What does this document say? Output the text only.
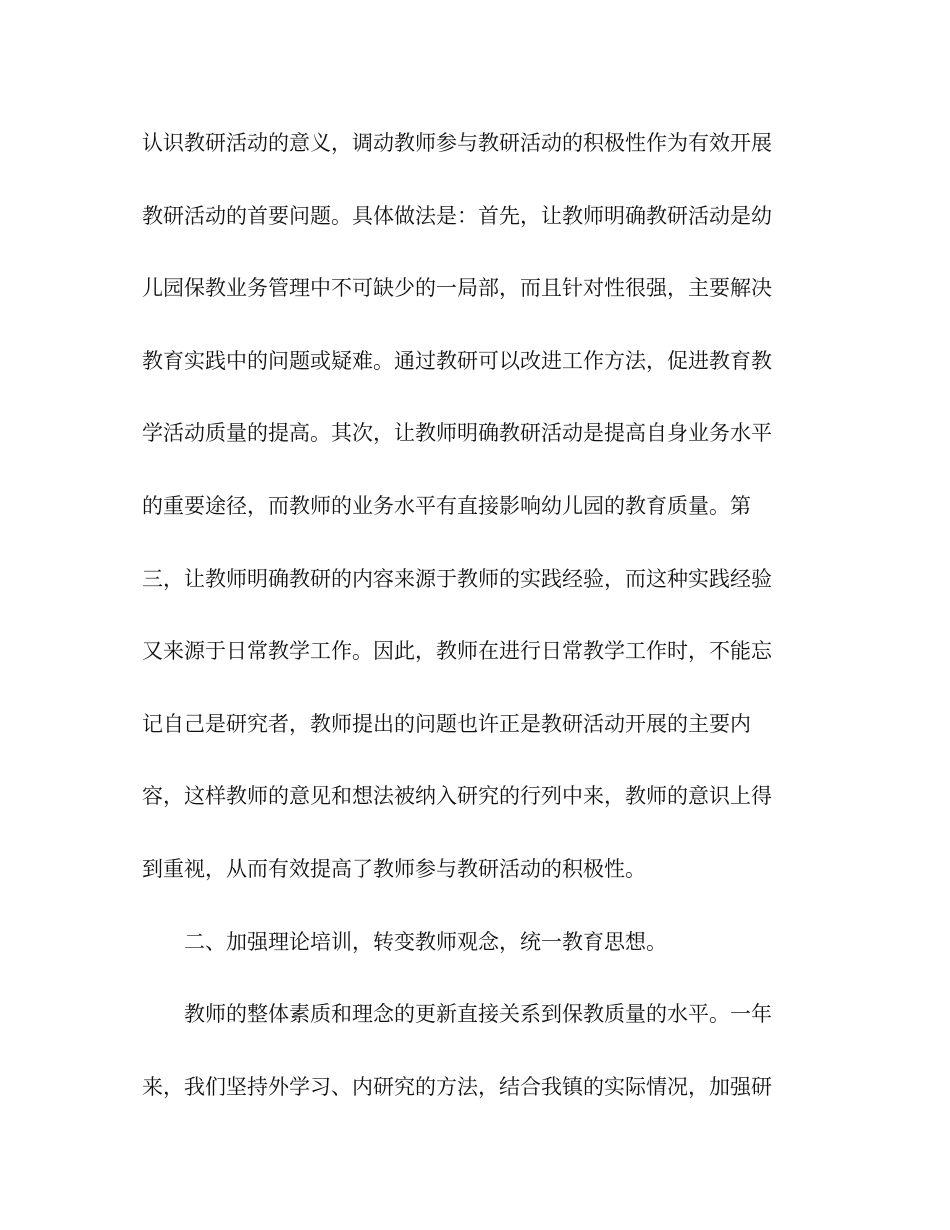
认识教研活动的意义，调动教师参与教研活动的积极性作为有效开展
教研活动的首要问题。具体做法是：首先，让教师明确教研活动是幼
儿园保教业务管理中不可缺少的一局部，而且针对性很强，主要解决
教育实践中的问题或疑难。通过教研可以改进工作方法，促进教育教
学活动质量的提高。其次，让教师明确教研活动是提高自身业务水平
的重要途径，而教师的业务水平有直接影响幼儿园的教育质量。第
三，让教师明确教研的内容来源于教师的实践经验，而这种实践经验
又来源于日常教学工作。因此，教师在进行日常教学工作时，不能忘
记自己是研究者，教师提出的问题也许正是教研活动开展的主要内
容，这样教师的意见和想法被纳入研究的行列中来，教师的意识上得
到重视，从而有效提高了教师参与教研活动的积极性。
二、加强理论培训，转变教师观念，统一教育思想。
教师的整体素质和理念的更新直接关系到保教质量的水平。一年
来，我们坚持外学习、内研究的方法，结合我镇的实际情况，加强研
